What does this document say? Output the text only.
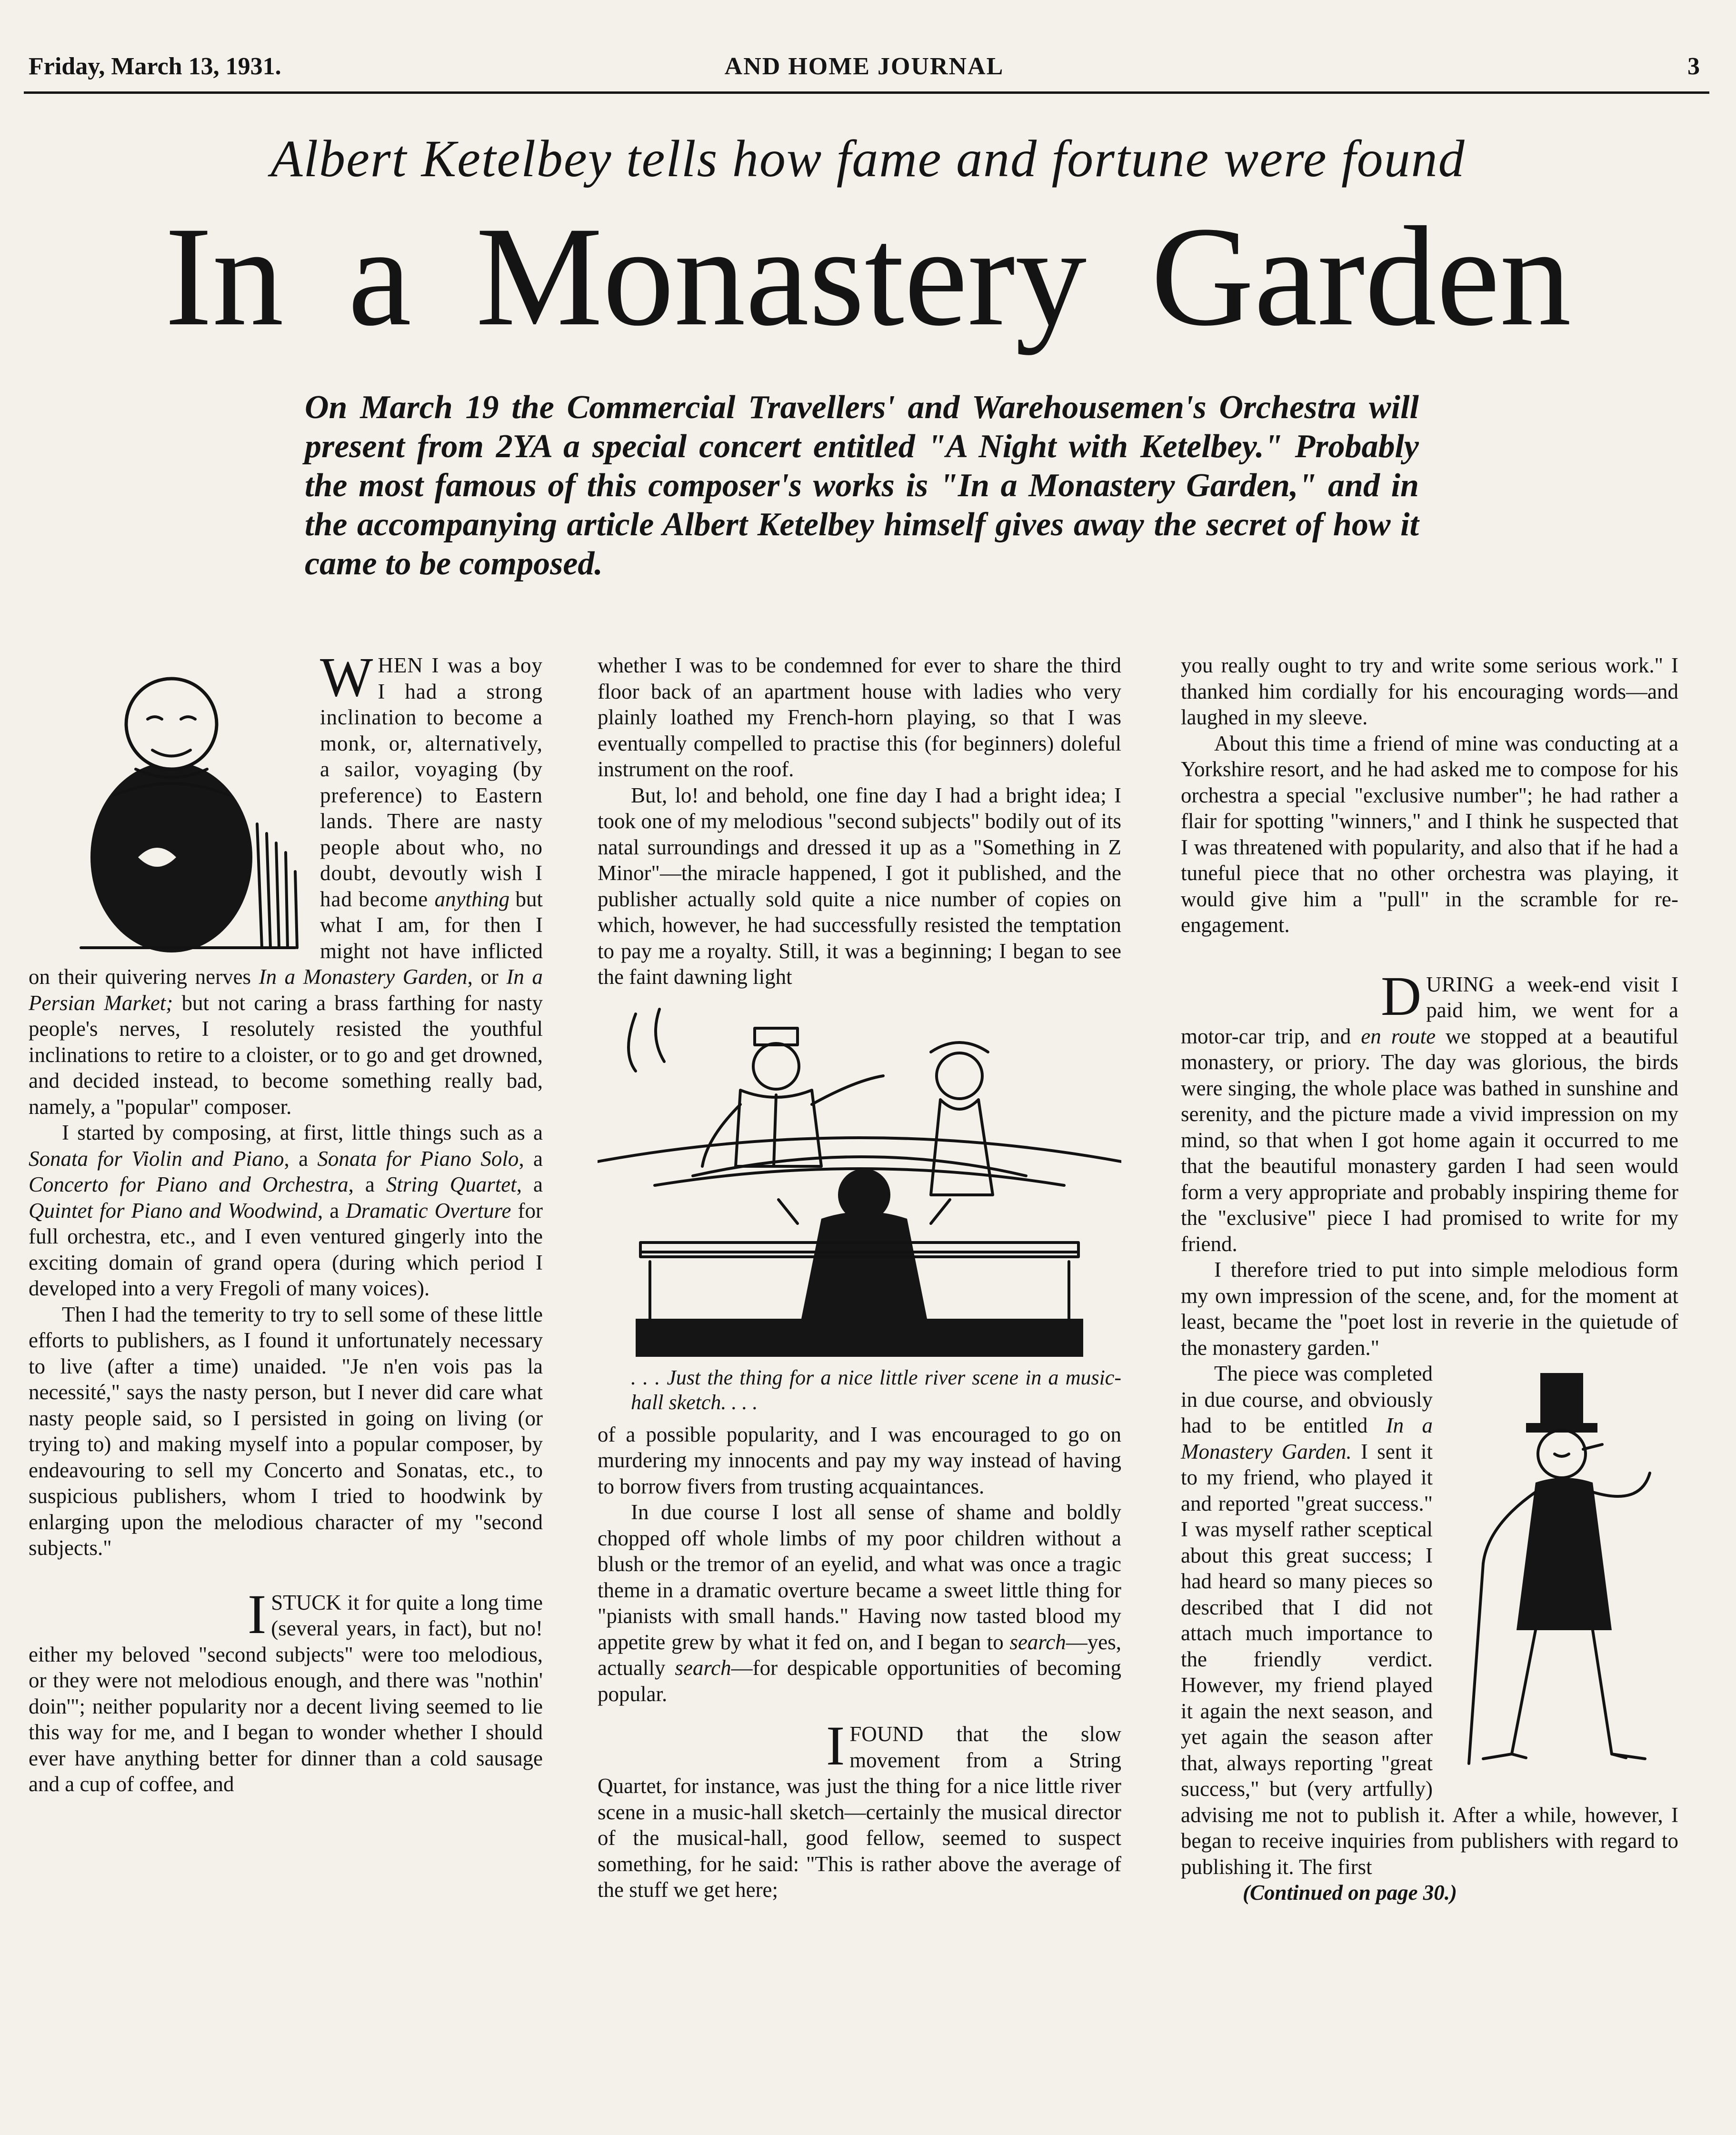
Friday, March 13, 1931.	AND HOME JOURNAL	3
Albert Ketelbey tells how fame and fortune were found
In a Monastery Garden
On March 19 the Commercial Travellers' and Warehousemen's Orchestra will present from 2YA a special concert entitled "A Night with Ketelbey." Probably the most famous of this composer's works is "In a Monastery Garden," and in the accompanying article Albert Ketelbey himself gives away the secret of how it came to be composed.

WHEN I was a boy I had a strong inclination to become a monk, or, alternatively, a sailor, voyaging (by preference) to Eastern lands. There are nasty people about who, no doubt, devoutly wish I had become anything but what I am, for then I might not have inflicted on their quivering nerves In a Monastery Garden, or In a Persian Market; but not caring a brass farthing for nasty people's nerves, I resolutely resisted the youthful inclinations to retire to a cloister, or to go and get drowned, and decided instead, to become something really bad, namely, a "popular" composer.

I started by composing, at first, little things such as a Sonata for Violin and Piano, a Sonata for Piano Solo, a Concerto for Piano and Orchestra, a String Quartet, a Quintet for Piano and Woodwind, a Dramatic Overture for full orchestra, etc., and I even ventured gingerly into the exciting domain of grand opera (during which period I developed into a very Fregoli of many voices).

Then I had the temerity to try to sell some of these little efforts to publishers, as I found it unfortunately necessary to live (after a time) unaided. "Je n'en vois pas la necessité," says the nasty person, but I never did care what nasty people said, so I persisted in going on living (or trying to) and making myself into a popular composer, by endeavouring to sell my Concerto and Sonatas, etc., to suspicious publishers, whom I tried to hoodwink by enlarging upon the melodious character of my "second subjects."

ISTUCK it for quite a long time (several years, in fact), but no! either my beloved "second subjects" were too melodious, or they were not melodious enough, and there was "nothin' doin'"; neither popularity nor a decent living seemed to lie this way for me, and I began to wonder whether I should ever have anything better for dinner than a cold sausage and a cup of coffee, and

whether I was to be condemned for ever to share the third floor back of an apartment house with ladies who very plainly loathed my French-horn playing, so that I was eventually compelled to practise this (for beginners) doleful instrument on the roof.

But, lo! and behold, one fine day I had a bright idea; I took one of my melodious "second subjects" bodily out of its natal surroundings and dressed it up as a "Something in Z Minor"—the miracle happened, I got it published, and the publisher actually sold quite a nice number of copies on which, however, he had successfully resisted the temptation to pay me a royalty. Still, it was a beginning; I began to see the faint dawning light

. . . Just the thing for a nice little river scene in a music-hall sketch. . . .

of a possible popularity, and I was encouraged to go on murdering my innocents and pay my way instead of having to borrow fivers from trusting acquaintances.

In due course I lost all sense of shame and boldly chopped off whole limbs of my poor children without a blush or the tremor of an eyelid, and what was once a tragic theme in a dramatic overture became a sweet little thing for "pianists with small hands." Having now tasted blood my appetite grew by what it fed on, and I began to search—yes, actually search—for despicable opportunities of becoming popular.

IFOUND that the slow movement from a String Quartet, for instance, was just the thing for a nice little river scene in a music-hall sketch—certainly the musical director of the musical-hall, good fellow, seemed to suspect something, for he said: "This is rather above the average of the stuff we get here;

you really ought to try and write some serious work." I thanked him cordially for his encouraging words—and laughed in my sleeve.

About this time a friend of mine was conducting at a Yorkshire resort, and he had asked me to compose for his orchestra a special "exclusive number"; he had rather a flair for spotting "winners," and I think he suspected that I was threatened with popularity, and also that if he had a tuneful piece that no other orchestra was playing, it would give him a "pull" in the scramble for re-engagement.

DURING a week-end visit I paid him, we went for a motor-car trip, and en route we stopped at a beautiful monastery, or priory. The day was glorious, the birds were singing, the whole place was bathed in sunshine and serenity, and the picture made a vivid impression on my mind, so that when I got home again it occurred to me that the beautiful monastery garden I had seen would form a very appropriate and probably inspiring theme for the "exclusive" piece I had promised to write for my friend.

I therefore tried to put into simple melodious form my own impression of the scene, and, for the moment at least, became the "poet lost in reverie in the quietude of the monastery garden."

The piece was completed in due course, and obviously had to be entitled In a Monastery Garden. I sent it to my friend, who played it and reported "great success." I was myself rather sceptical about this great success; I had heard so many pieces so described that I did not attach much importance to the friendly verdict. However, my friend played it again the next season, and yet again the season after that, always reporting "great success," but (very artfully) advising me not to publish it. After a while, however, I began to receive inquiries from publishers with regard to publishing it. The first

(Continued on page 30.)
